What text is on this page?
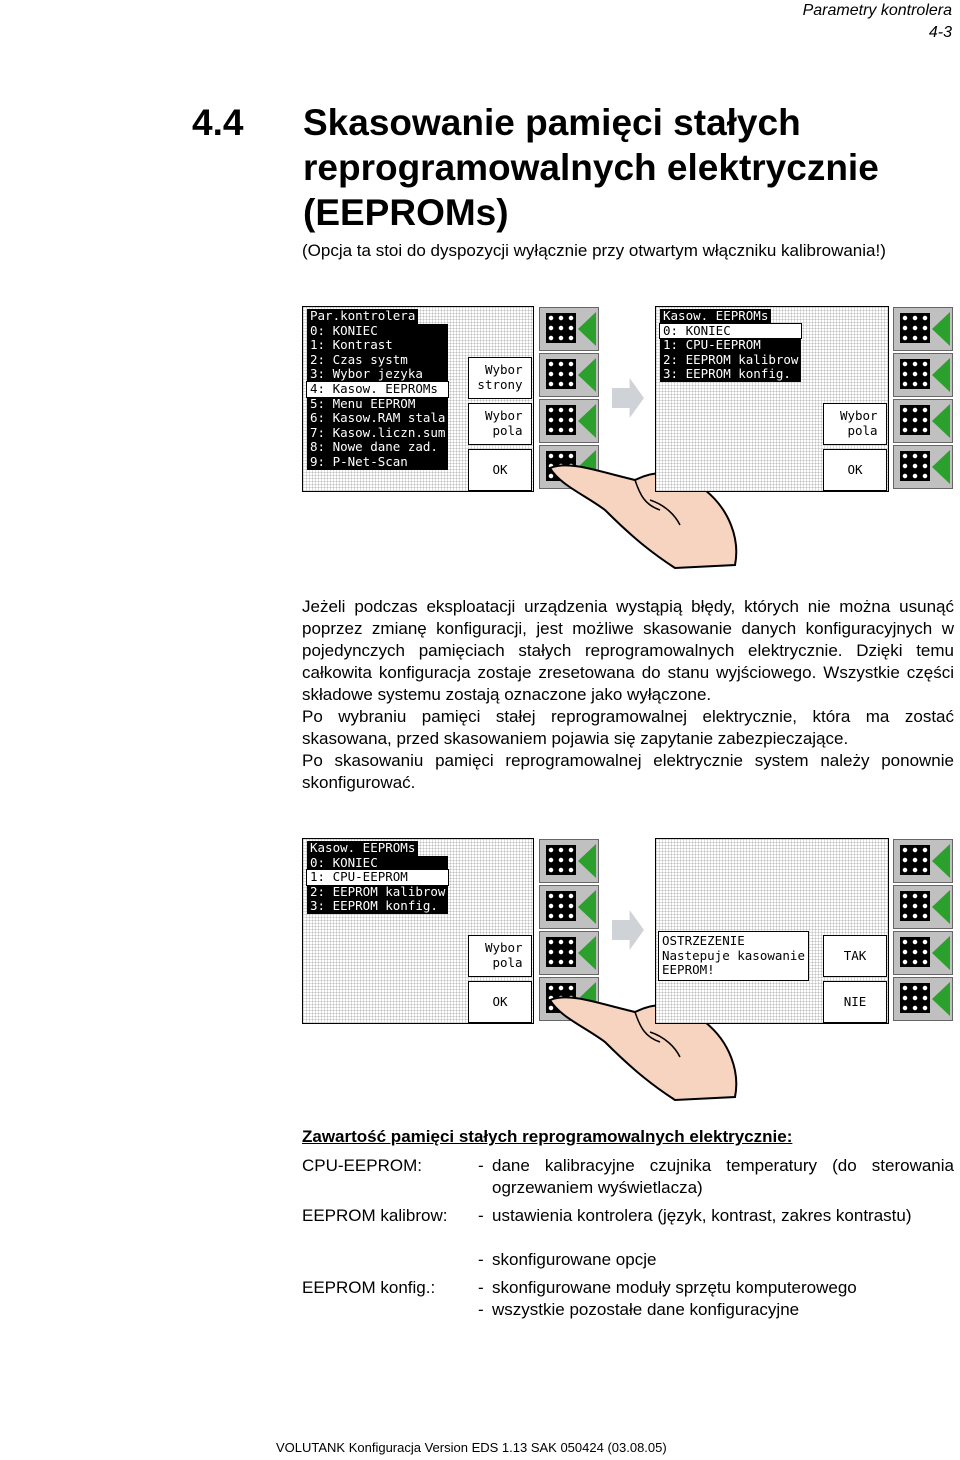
Parametry kontrolera
4-3
4.4 Skasowanie pamięci stałych reprogramowalnych elektrycznie (EEPROMs)
(Opcja ta stoi do dyspozycji wyłącznie przy otwartym włączniku kalibrowania!)
Par.kontrolera
0: KONIEC
1: Kontrast
2: Czas systm
3: Wybor jezyka
4: Kasow. EEPROMs
5: Menu EEPROM
6: Kasow.RAM stala
7: Kasow.liczn.sum
8: Nowe dane zad.
9: P-Net-Scan
Wybor
strony
Wybor
pola
OK
Kasow. EEPROMs
0: KONIEC
1: CPU-EEPROM
2: EEPROM kalibrow
3: EEPROM konfig.
Wybor
pola
OK

Jeżeli podczas eksploatacji urządzenia wystąpią błędy, których nie można usunąć poprzez zmianę konfiguracji, jest możliwe skasowanie danych konfiguracyjnych w pojedynczych pamięciach stałych reprogramowalnych elektrycznie. Dzięki temu całkowita konfiguracja zostaje zresetowana do stanu wyjściowego. Wszystkie części składowe systemu zostają oznaczone jako wyłączone.

Po wybraniu pamięci stałej reprogramowalnej elektrycznie, która ma zostać skasowana, przed skasowaniem pojawia się zapytanie zabezpieczające.

Po skasowaniu pamięci reprogramowalnej elektrycznie system należy ponownie skonfigurować.

Kasow. EEPROMs
0: KONIEC
1: CPU-EEPROM
2: EEPROM kalibrow
3: EEPROM konfig.
Wybor
pola
OK
OSTRZEZENIE
Nastepuje kasowanie
EEPROM!
TAK
NIE
Zawartość pamięci stałych reprogramowalnych elektrycznie:
CPU-EEPROM:	- dane kalibracyjne czujnika temperatury (do sterowania ogrzewaniem wyświetlacza)
EEPROM kalibrow: - ustawienia kontrolera (język, kontrast, zakres kontrastu)
- skonfigurowane opcje
EEPROM konfig.:	- skonfigurowane moduły sprzętu komputerowego
- wszystkie pozostałe dane konfiguracyjne
VOLUTANK Konfiguracja Version EDS 1.13 SAK 050424 (03.08.05)
